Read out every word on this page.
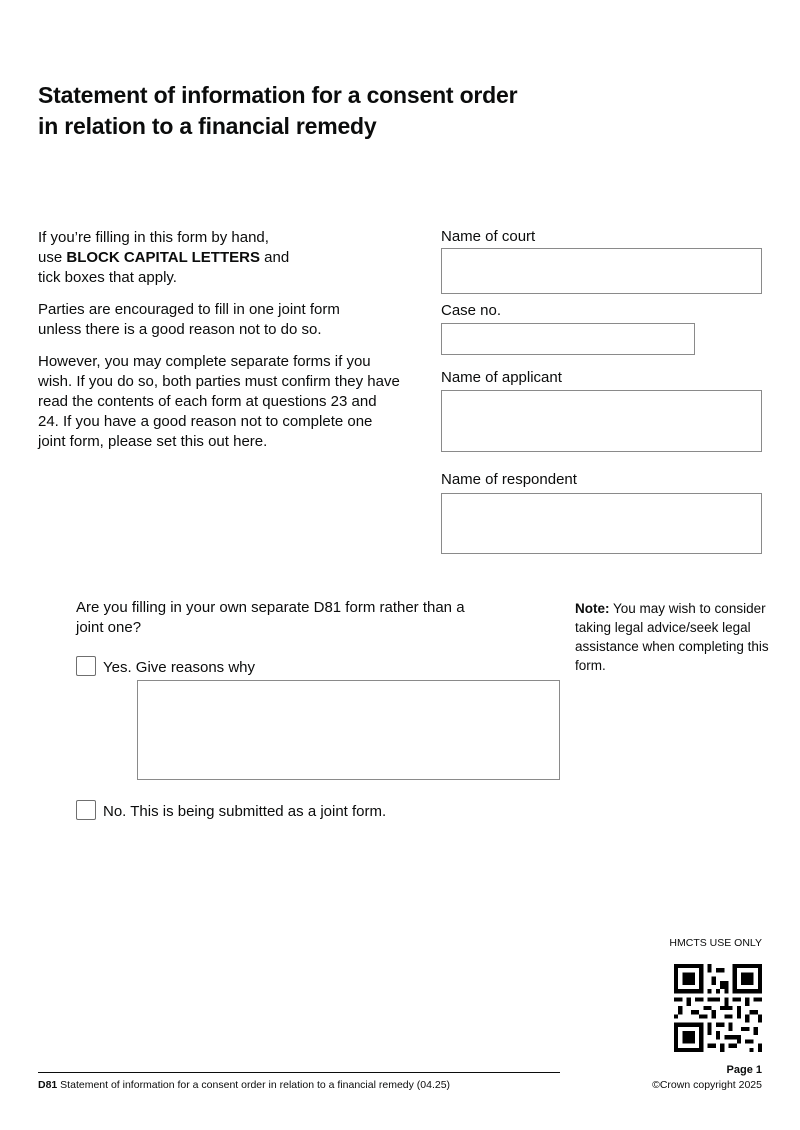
Statement of information for a consent order
in relation to a financial remedy

If you’re filling in this form by hand,
use BLOCK CAPITAL LETTERS and
tick boxes that apply.

Parties are encouraged to fill in one joint form unless there is a good reason not to do so.

However, you may complete separate forms if you wish. If you do so, both parties must confirm they have read the contents of each form at questions 23 and 24. If you have a good reason not to complete one joint form, please set this out here.

Name of court
Case no.
Name of applicant
Name of respondent
Are you filling in your own separate D81 form rather than a joint one?
Yes. Give reasons why
No. This is being submitted as a joint form.
Note: You may wish to consider taking legal advice/seek legal assistance when completing this form.
HMCTS USE ONLY
D81 Statement of information for a consent order in relation to a financial remedy (04.25)
Page 1
©Crown copyright 2025
